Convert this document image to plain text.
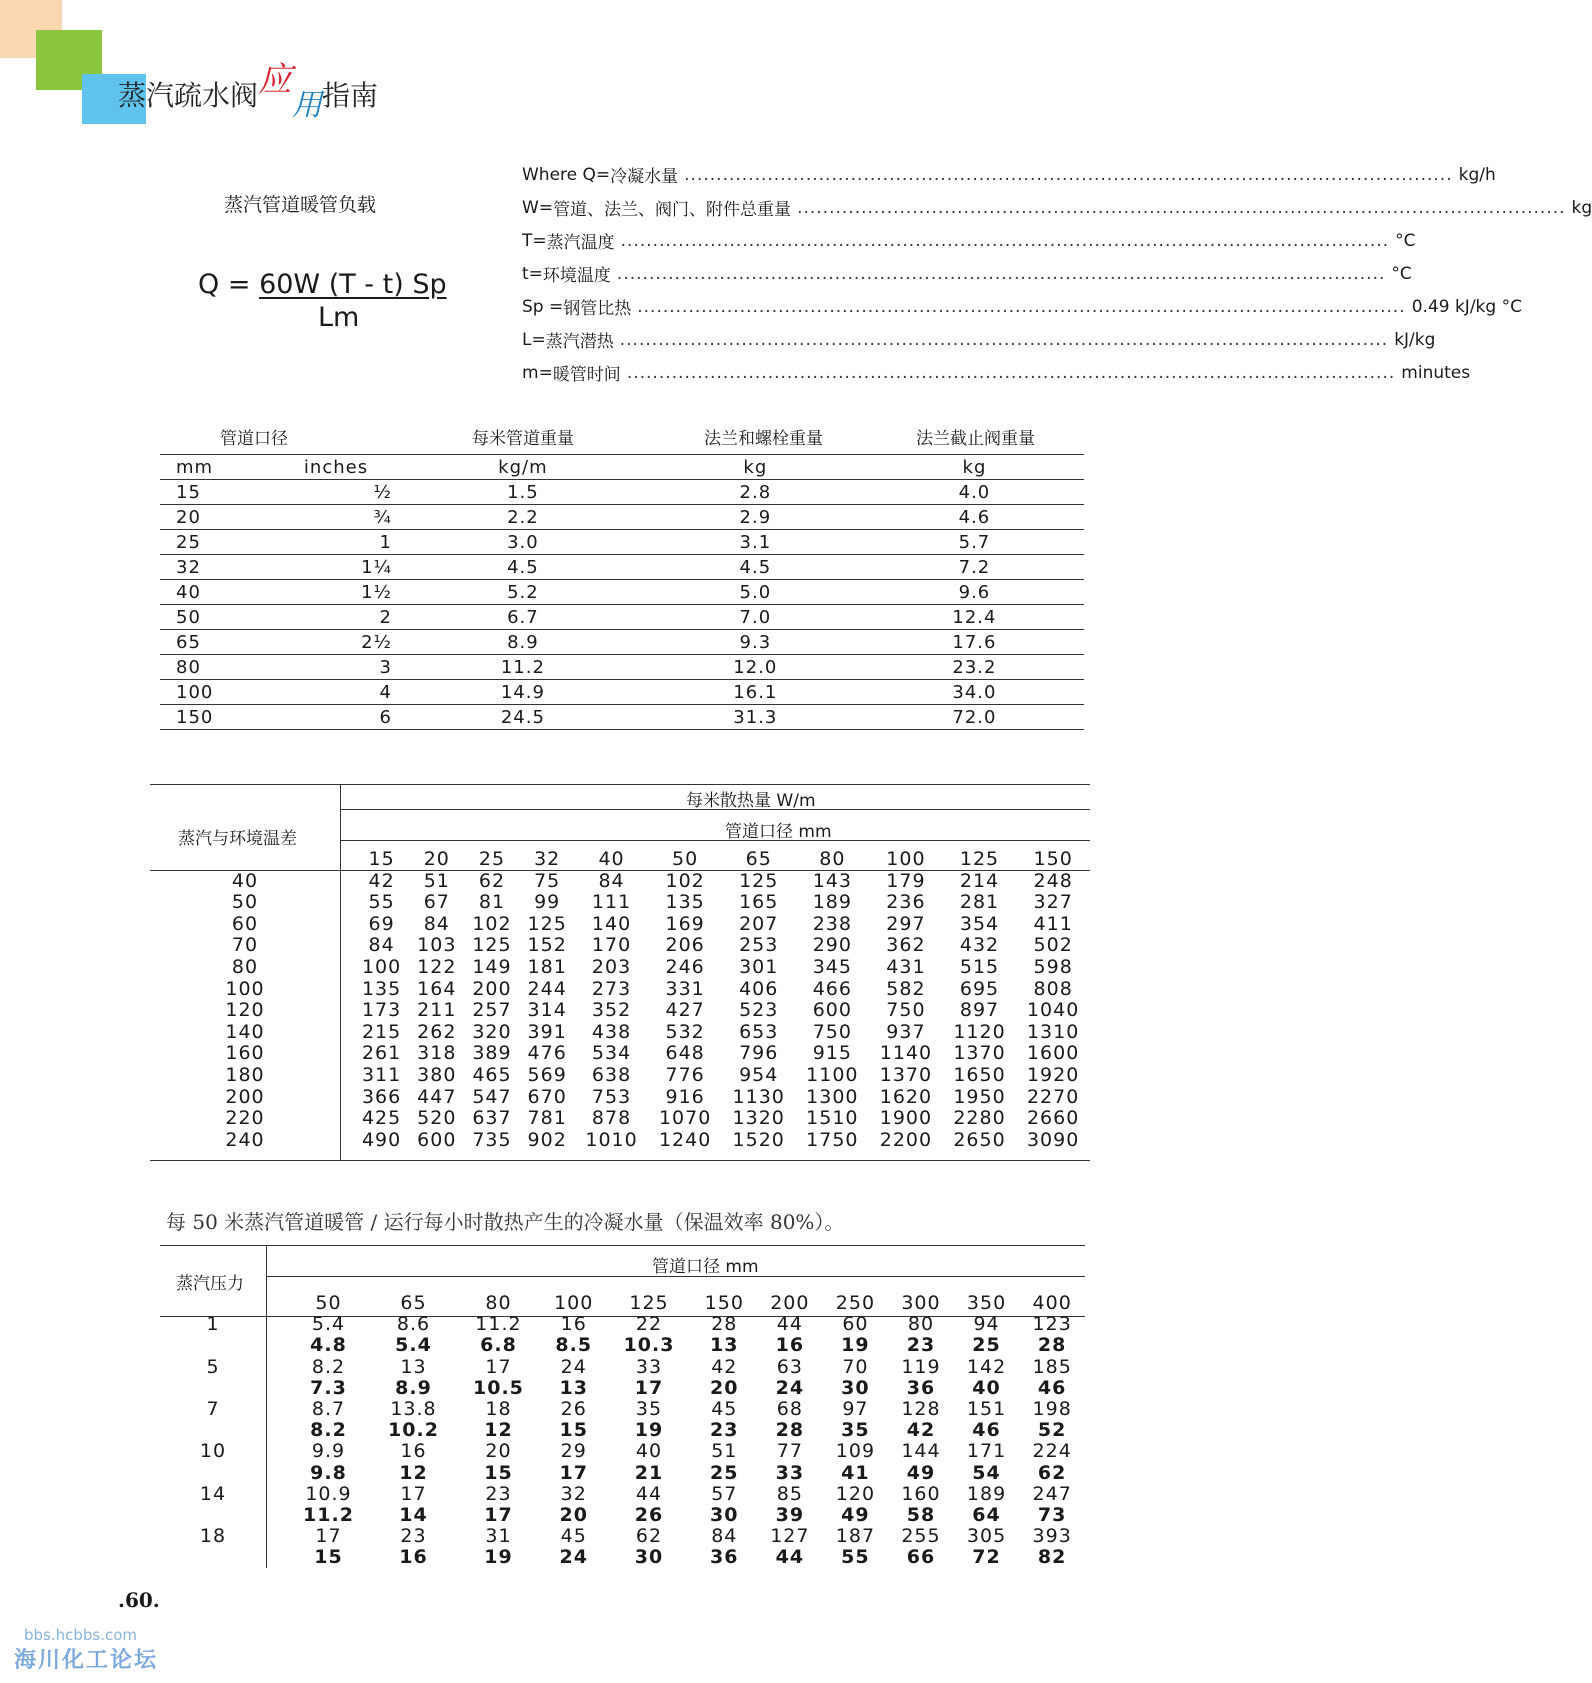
蒸汽疏水阀应用指南
蒸汽管道暖管负载
Q = 60W (T - t) Sp
Lm
Where Q = 冷凝水量 ........................................................................................................................ kg/h
W = 管道、法兰、阀门、附件总重量 ........................................................................................................................ kg
T = 蒸汽温度 ........................................................................................................................ °C
t = 环境温度 ........................................................................................................................ °C
Sp = 钢管比热 ........................................................................................................................ 0.49 kJ/kg °C
L = 蒸汽潜热 ........................................................................................................................ kJ/kg
m = 暖管时间 ........................................................................................................................ minutes
管道口径	每米管道重量	法兰和螺栓重量	法兰截止阀重量
mm	inches	kg/m	kg	kg
15	½	1.5	2.8	4.0
20	¾	2.2	2.9	4.6
25	1	3.0	3.1	5.7
32	1¼	4.5	4.5	7.2
40	1½	5.2	5.0	9.6
50	2	6.7	7.0	12.4
65	2½	8.9	9.3	17.6
80	3	11.2	12.0	23.2
100	4	14.9	16.1	34.0
150	6	24.5	31.3	72.0
每米散热量 W/m
管道口径 mm
蒸汽与环境温差
	15	20	25	32	40	50	65	80	100	125	150
40	42	51	62	75	84	102	125	143	179	214	248
50	55	67	81	99	111	135	165	189	236	281	327
60	69	84	102	125	140	169	207	238	297	354	411
70	84	103	125	152	170	206	253	290	362	432	502
80	100	122	149	181	203	246	301	345	431	515	598
100	135	164	200	244	273	331	406	466	582	695	808
120	173	211	257	314	352	427	523	600	750	897	1040
140	215	262	320	391	438	532	653	750	937	1120	1310
160	261	318	389	476	534	648	796	915	1140	1370	1600
180	311	380	465	569	638	776	954	1100	1370	1650	1920
200	366	447	547	670	753	916	1130	1300	1620	1950	2270
220	425	520	637	781	878	1070	1320	1510	1900	2280	2660
240	490	600	735	902	1010	1240	1520	1750	2200	2650	3090
每 50 米蒸汽管道暖管 / 运行每小时散热产生的冷凝水量（保温效率 80%）。
管道口径 mm
蒸汽压力
	50	65	80	100	125	150	200	250	300	350	400
1	5.4	8.6	11.2	16	22	28	44	60	80	94	123
	4.8	5.4	6.8	8.5	10.3	13	16	19	23	25	28
5	8.2	13	17	24	33	42	63	70	119	142	185
	7.3	8.9	10.5	13	17	20	24	30	36	40	46
7	8.7	13.8	18	26	35	45	68	97	128	151	198
	8.2	10.2	12	15	19	23	28	35	42	46	52
10	9.9	16	20	29	40	51	77	109	144	171	224
	9.8	12	15	17	21	25	33	41	49	54	62
14	10.9	17	23	32	44	57	85	120	160	189	247
	11.2	14	17	20	26	30	39	49	58	64	73
18	17	23	31	45	62	84	127	187	255	305	393
	15	16	19	24	30	36	44	55	66	72	82
.60.
bbs.hcbbs.com
海川化工论坛
